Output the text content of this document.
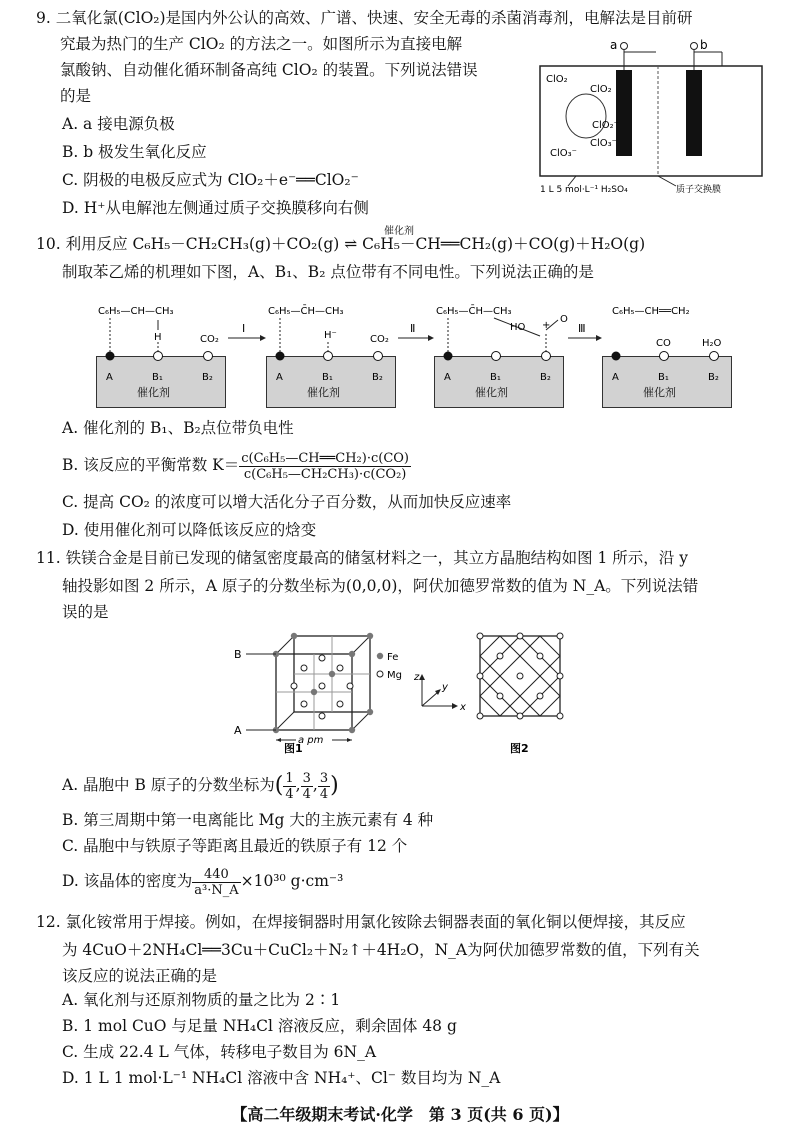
9. 二氧化氯(ClO₂)是国内外公认的高效、广谱、快速、安全无毒的杀菌消毒剂，电解法是目前研
究最为热门的生产 ClO₂ 的方法之一。如图所示为直接电解
氯酸钠、自动催化循环制备高纯 ClO₂ 的装置。下列说法错误
的是
A. a 接电源负极
B. b 极发生氧化反应
C. 阴极的电极反应式为 ClO₂＋e⁻══ClO₂⁻
D. H⁺从电解池左侧通过质子交换膜移向右侧
a	b
ClO₂
ClO₂
ClO₂⁻
ClO₃⁻
ClO₃⁻
1 L 5 mol·L⁻¹ H₂SO₄	质子交换膜
10. 利用反应 C₆H₅－CH₂CH₃(g)＋CO₂(g) ⇌ C₆H₅－CH══CH₂(g)＋CO(g)＋H₂O(g)
催化剂
制取苯乙烯的机理如下图，A、B₁、B₂ 点位带有不同电性。下列说法正确的是
催化剂	催化剂	催化剂	催化剂
C₆H₅—CH—CH₃
H	CO₂
A	B₁	B₂
Ⅰ
C₆H₅—C̄H—CH₃
H⁻	CO₂
A	B₁	B₂
Ⅱ
C₆H₅—C̄H—CH₃
HO
O
+
A	B₁	B₂
Ⅲ
C₆H₅—CH══CH₂
CO	H₂O
A	B₁	B₂
A. 催化剂的 B₁、B₂点位带负电性
B. 该反应的平衡常数 $K= \frac{\text{c(C₆H₅—CH══CH₂)·c(CO)}}{\text{c(C₆H₅—CH₂CH₃)·c(CO₂)}}$
C. 提高 CO₂ 的浓度可以增大活化分子百分数，从而加快反应速率
D. 使用催化剂可以降低该反应的焓变
11. 铁镁合金是目前已发现的储氢密度最高的储氢材料之一，其立方晶胞结构如图 1 所示，沿 y
轴投影如图 2 所示，A 原子的分数坐标为(0,0,0)，阿伏加德罗常数的值为 N_A。下列说法错
误的是
B
A
a pm
Fe
Mg z
y
x
图1	图2
A. 晶胞中 B 原子的分数坐标为( $\frac{1}{4}$ , $\frac{3}{4}$ , $\frac{3}{4}$ )
B. 第三周期中第一电离能比 Mg 大的主族元素有 4 种
C. 晶胞中与铁原子等距离且最近的铁原子有 12 个
D. 该晶体的密度为 $\frac{440}{\text{a³·N\_A}} \times 10^{30}$ g·cm⁻³
12. 氯化铵常用于焊接。例如，在焊接铜器时用氯化铵除去铜器表面的氧化铜以便焊接，其反应
为 4CuO＋2NH₄Cl══3Cu＋CuCl₂＋N₂↑＋4H₂O，N_A为阿伏加德罗常数的值，下列有关
该反应的说法正确的是
A. 氧化剂与还原剂物质的量之比为 2∶1
B. 1 mol CuO 与足量 NH₄Cl 溶液反应，剩余固体 48 g
C. 生成 22.4 L 气体，转移电子数目为 6N_A
D. 1 L 1 mol·L⁻¹ NH₄Cl 溶液中含 NH₄⁺、Cl⁻ 数目均为 N_A
【高二年级期末考试·化学　第 3 页(共 6 页)】
